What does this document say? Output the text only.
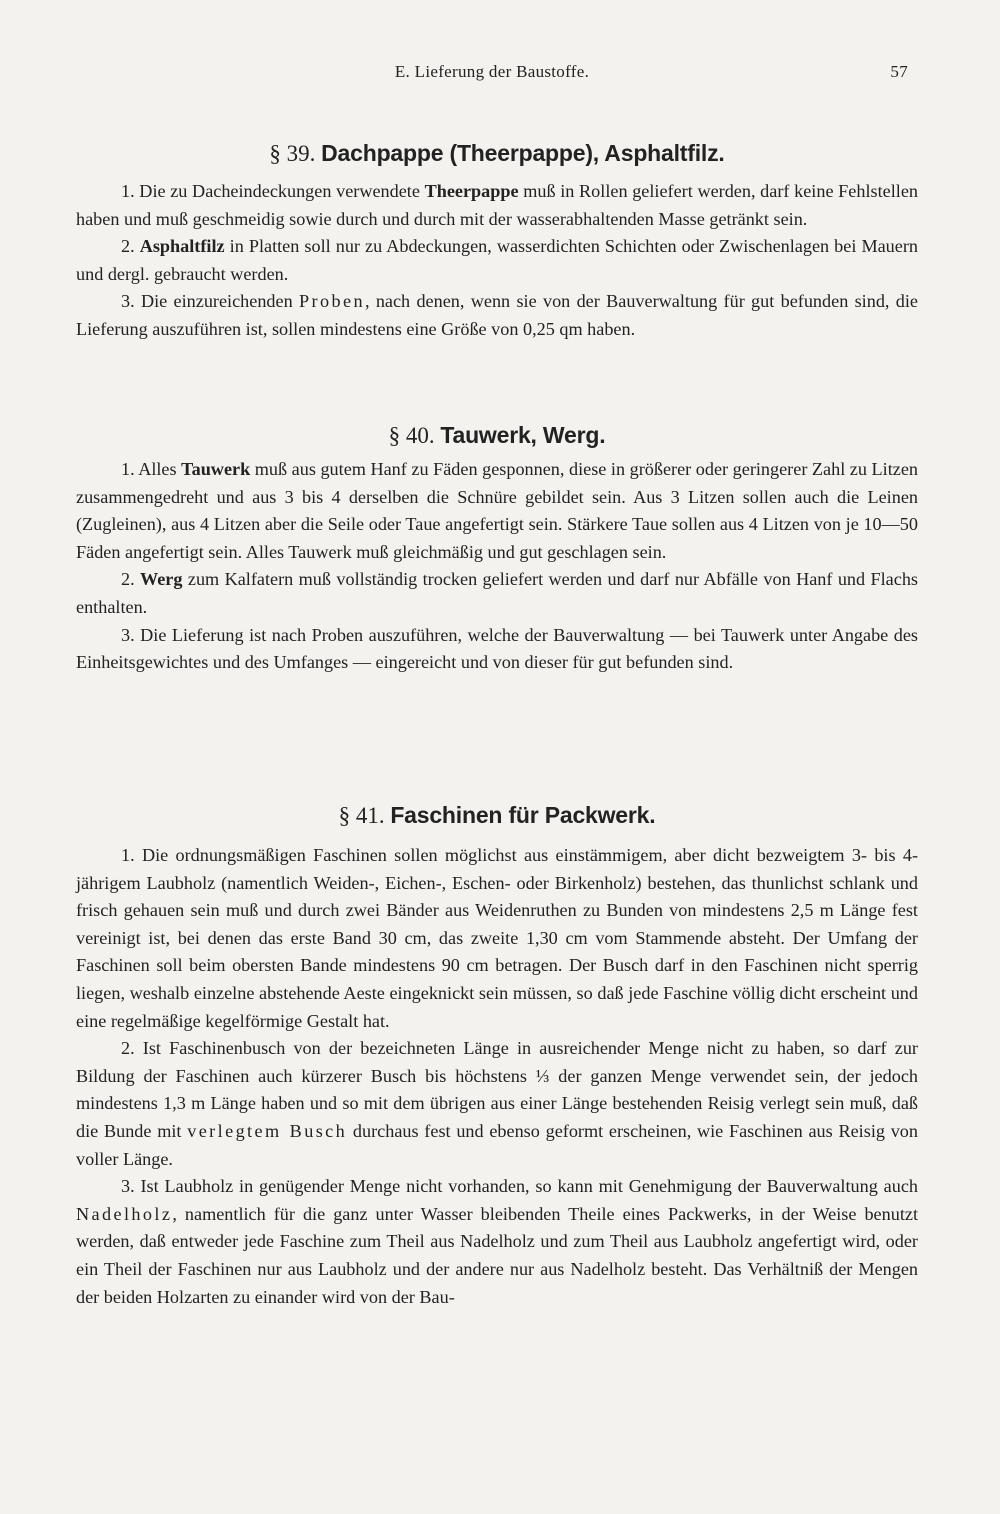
E. Lieferung der Baustoffe.	57
§ 39. Dachpappe (Theerpappe), Asphaltfilz.

1. Die zu Dacheindeckungen verwendete Theerpappe muß in Rollen geliefert werden, darf keine Fehlstellen haben und muß geschmeidig sowie durch und durch mit der wasserabhaltenden Masse getränkt sein.

2. Asphaltfilz in Platten soll nur zu Abdeckungen, wasserdichten Schichten oder Zwischenlagen bei Mauern und dergl. gebraucht werden.

3. Die einzureichenden Proben, nach denen, wenn sie von der Bauverwaltung für gut befunden sind, die Lieferung auszuführen ist, sollen mindestens eine Größe von 0,25 qm haben.

§ 40. Tauwerk, Werg.

1. Alles Tauwerk muß aus gutem Hanf zu Fäden gesponnen, diese in größerer oder geringerer Zahl zu Litzen zusammengedreht und aus 3 bis 4 derselben die Schnüre gebildet sein. Aus 3 Litzen sollen auch die Leinen (Zugleinen), aus 4 Litzen aber die Seile oder Taue angefertigt sein. Stärkere Taue sollen aus 4 Litzen von je 10—50 Fäden angefertigt sein. Alles Tauwerk muß gleichmäßig und gut geschlagen sein.

2. Werg zum Kalfatern muß vollständig trocken geliefert werden und darf nur Abfälle von Hanf und Flachs enthalten.

3. Die Lieferung ist nach Proben auszuführen, welche der Bauverwaltung — bei Tauwerk unter Angabe des Einheitsgewichtes und des Umfanges — eingereicht und von dieser für gut befunden sind.

§ 41. Faschinen für Packwerk.

1. Die ordnungsmäßigen Faschinen sollen möglichst aus einstämmigem, aber dicht bezweigtem 3- bis 4-jährigem Laubholz (namentlich Weiden-, Eichen-, Eschen- oder Birkenholz) bestehen, das thunlichst schlank und frisch gehauen sein muß und durch zwei Bänder aus Weidenruthen zu Bunden von mindestens 2,5 m Länge fest vereinigt ist, bei denen das erste Band 30 cm, das zweite 1,30 cm vom Stammende absteht. Der Umfang der Faschinen soll beim obersten Bande mindestens 90 cm betragen. Der Busch darf in den Faschinen nicht sperrig liegen, weshalb einzelne abstehende Aeste eingeknickt sein müssen, so daß jede Faschine völlig dicht erscheint und eine regelmäßige kegelförmige Gestalt hat.

2. Ist Faschinenbusch von der bezeichneten Länge in ausreichender Menge nicht zu haben, so darf zur Bildung der Faschinen auch kürzerer Busch bis höchstens ⅓ der ganzen Menge verwendet sein, der jedoch mindestens 1,3 m Länge haben und so mit dem übrigen aus einer Länge bestehenden Reisig verlegt sein muß, daß die Bunde mit verlegtem Busch durchaus fest und ebenso geformt erscheinen, wie Faschinen aus Reisig von voller Länge.

3. Ist Laubholz in genügender Menge nicht vorhanden, so kann mit Genehmigung der Bauverwaltung auch Nadelholz, namentlich für die ganz unter Wasser bleibenden Theile eines Packwerks, in der Weise benutzt werden, daß entweder jede Faschine zum Theil aus Nadelholz und zum Theil aus Laubholz angefertigt wird, oder ein Theil der Faschinen nur aus Laubholz und der andere nur aus Nadelholz besteht. Das Verhältniß der Mengen der beiden Holzarten zu einander wird von der Bau-
